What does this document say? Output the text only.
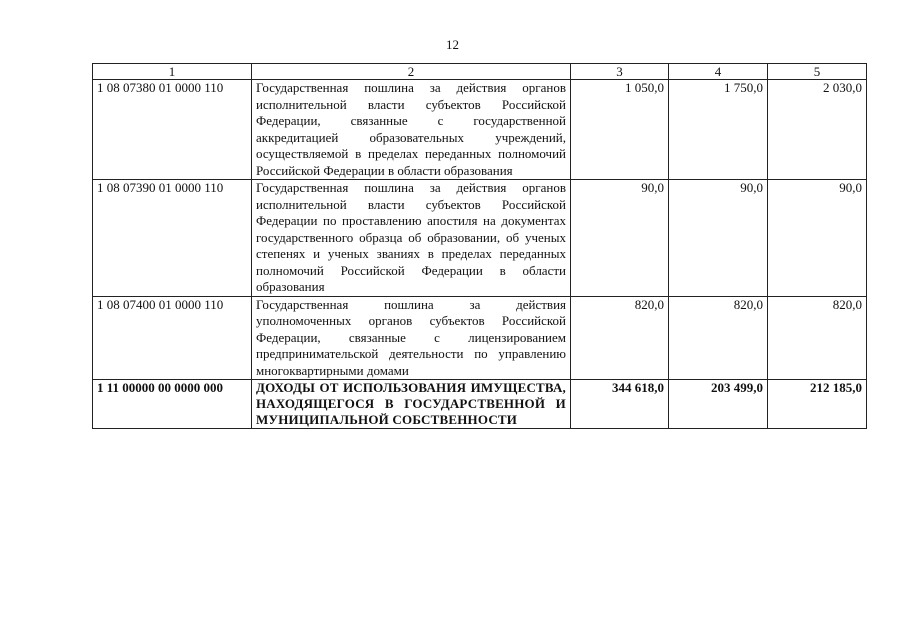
12
1	2	3	4	5
1 08 07380 01 0000 110	Государственная пошлина за действия органов исполнительной власти субъектов Российской Федерации, связанные с государственной аккредитацией образовательных учреждений, осуществляемой в пределах переданных полномочий Российской Федерации в области образования	1 050,0	1 750,0	2 030,0
1 08 07390 01 0000 110	Государственная пошлина за действия органов исполнительной власти субъектов Российской Федерации по проставлению апостиля на документах государственного образца об образовании, об ученых степенях и ученых званиях в пределах переданных полномочий Российской Федерации в области образования	90,0	90,0	90,0
1 08 07400 01 0000 110	Государственная пошлина за действия уполномоченных органов субъектов Российской Федерации, связанные с лицензированием предпринимательской деятельности по управлению многоквартирными домами	820,0	820,0	820,0
1 11 00000 00 0000 000	ДОХОДЫ ОТ ИСПОЛЬЗОВАНИЯ ИМУЩЕСТВА, НАХОДЯЩЕГОСЯ В ГОСУДАРСТВЕННОЙ И МУНИЦИПАЛЬНОЙ СОБСТВЕННОСТИ	344 618,0	203 499,0	212 185,0
